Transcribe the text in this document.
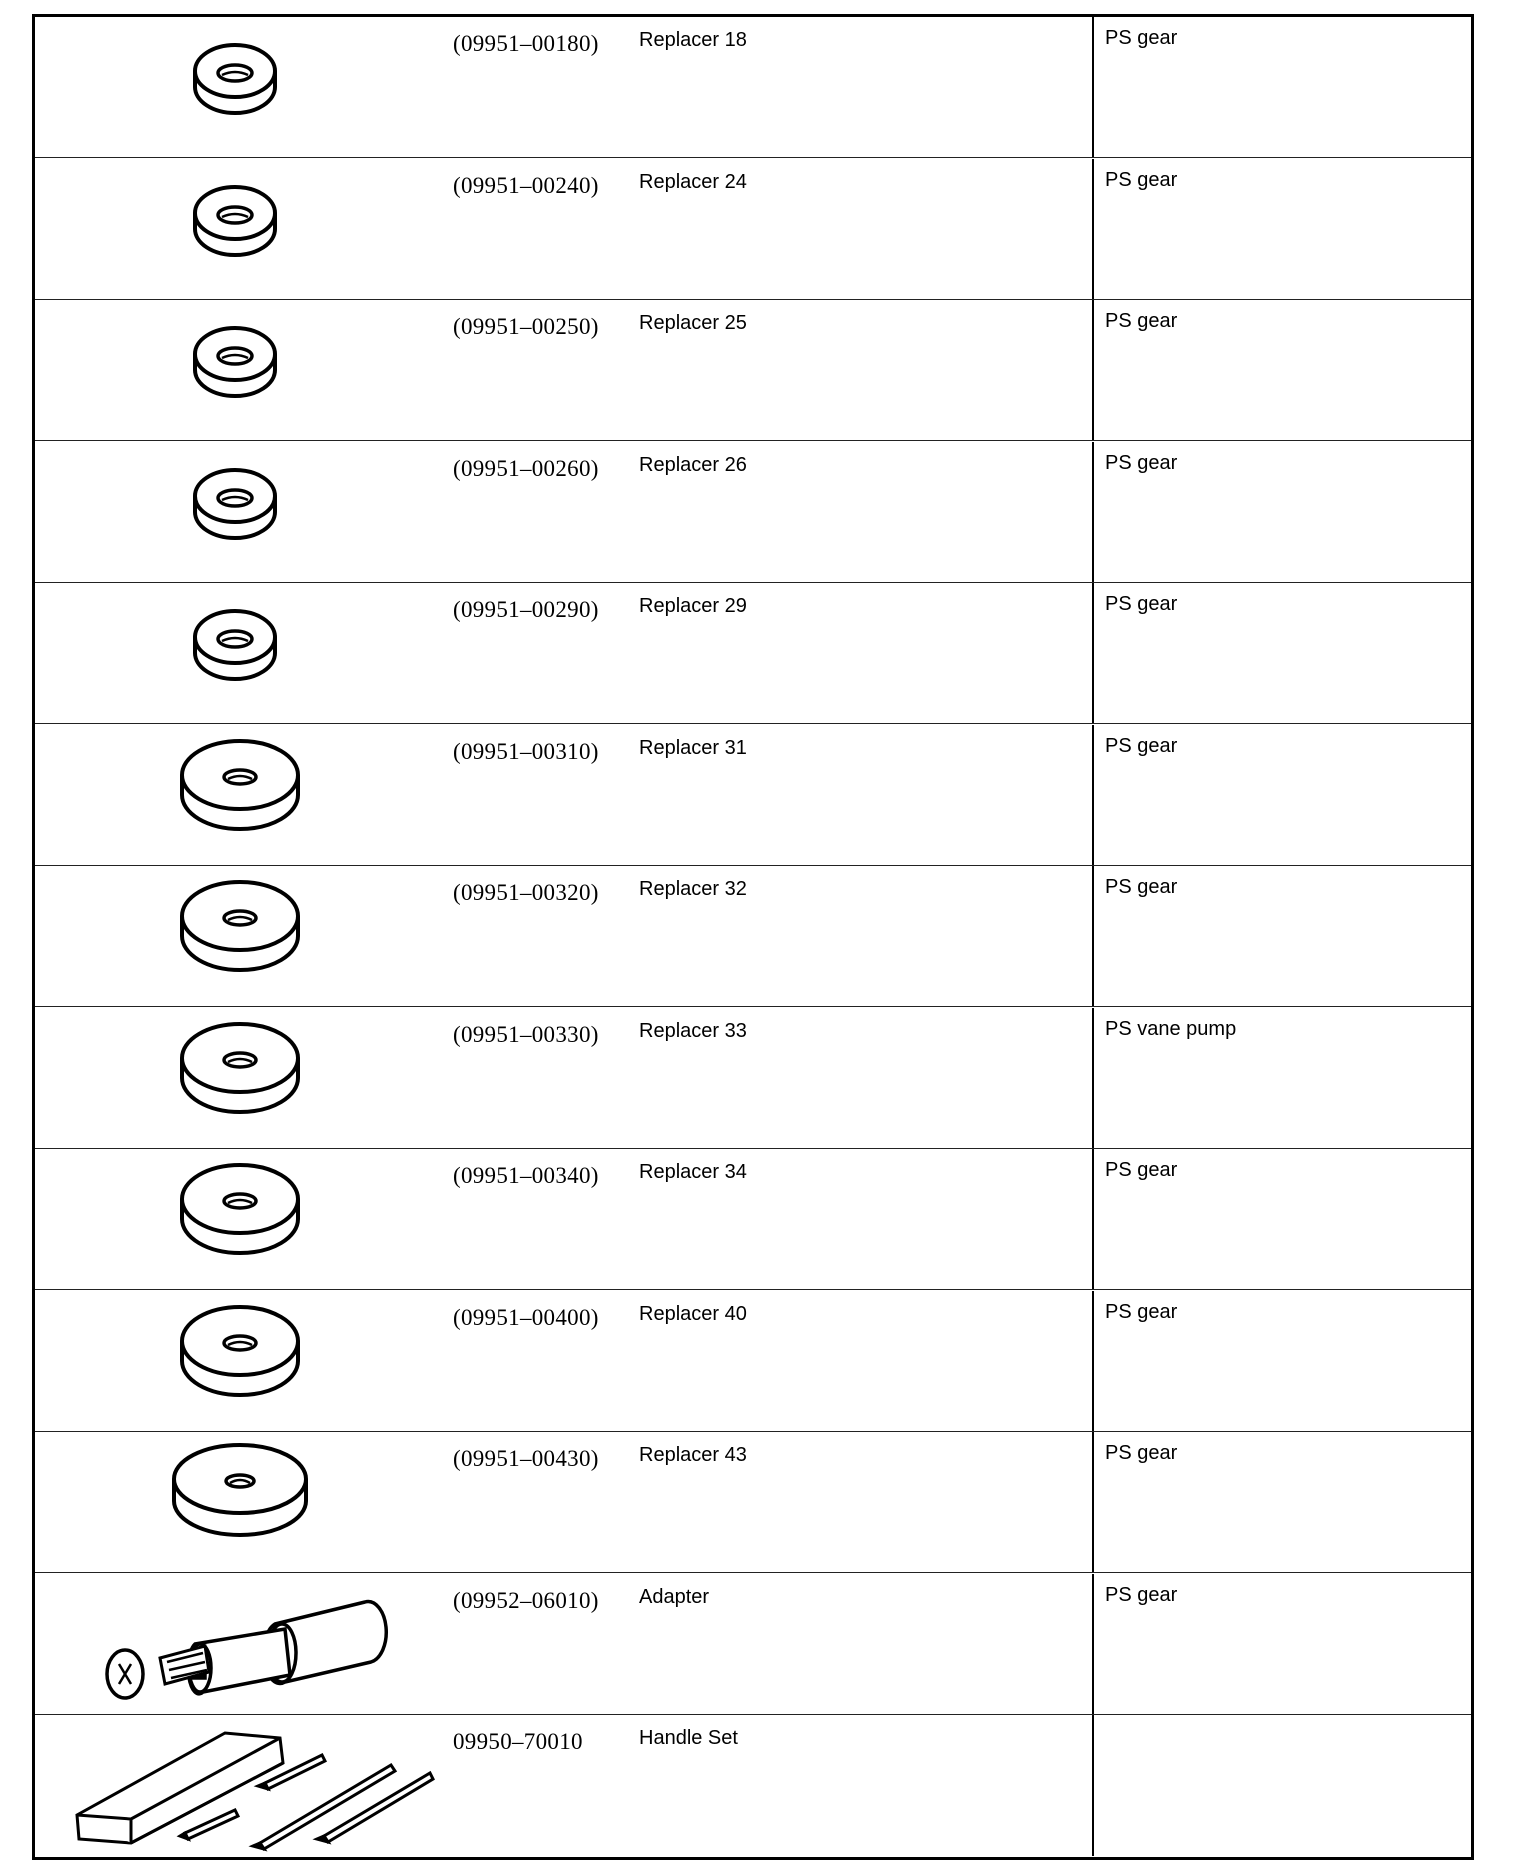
(09951–00180) Replacer 18	PS gear
(09951–00240) Replacer 24	PS gear
(09951–00250) Replacer 25	PS gear
(09951–00260) Replacer 26	PS gear
(09951–00290) Replacer 29	PS gear
(09951–00310) Replacer 31	PS gear
(09951–00320) Replacer 32	PS gear
(09951–00330) Replacer 33	PS vane pump
(09951–00340) Replacer 34	PS gear
(09951–00400) Replacer 40	PS gear
(09951–00430) Replacer 43	PS gear
(09952–06010) Adapter	PS gear
09950–70010	Handle Set
